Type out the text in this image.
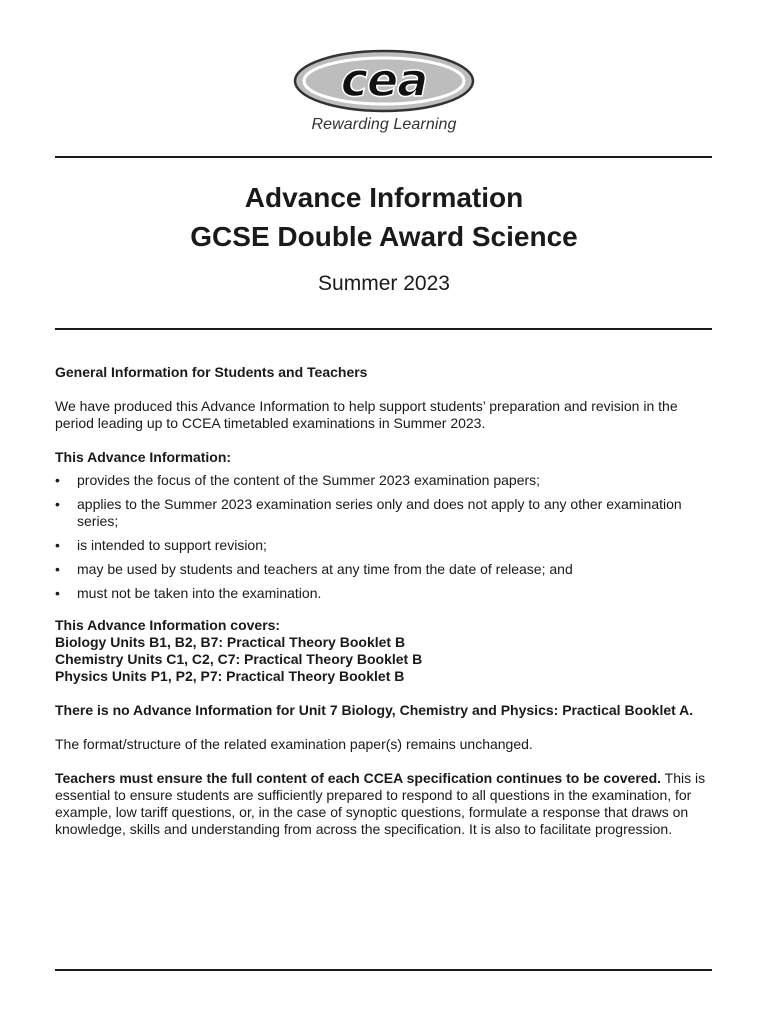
cea
Rewarding Learning
Advance Information
GCSE Double Award Science
Summer 2023

General Information for Students and Teachers

We have produced this Advance Information to help support students’ preparation and revision in the period leading up to CCEA timetabled examinations in Summer 2023.

This Advance Information:

• provides the focus of the content of the Summer 2023 examination papers;
• applies to the Summer 2023 examination series only and does not apply to any other examination series;
• is intended to support revision;
• may be used by students and teachers at any time from the date of release; and
• must not be taken into the examination.

This Advance Information covers:

Biology Units B1, B2, B7: Practical Theory Booklet B

Chemistry Units C1, C2, C7: Practical Theory Booklet B

Physics Units P1, P2, P7: Practical Theory Booklet B

There is no Advance Information for Unit 7 Biology, Chemistry and Physics: Practical Booklet A.

The format/structure of the related examination paper(s) remains unchanged.

Teachers must ensure the full content of each CCEA specification continues to be covered. This is essential to ensure students are sufficiently prepared to respond to all questions in the examination, for example, low tariff questions, or, in the case of synoptic questions, formulate a response that draws on knowledge, skills and understanding from across the specification. It is also to facilitate progression.
